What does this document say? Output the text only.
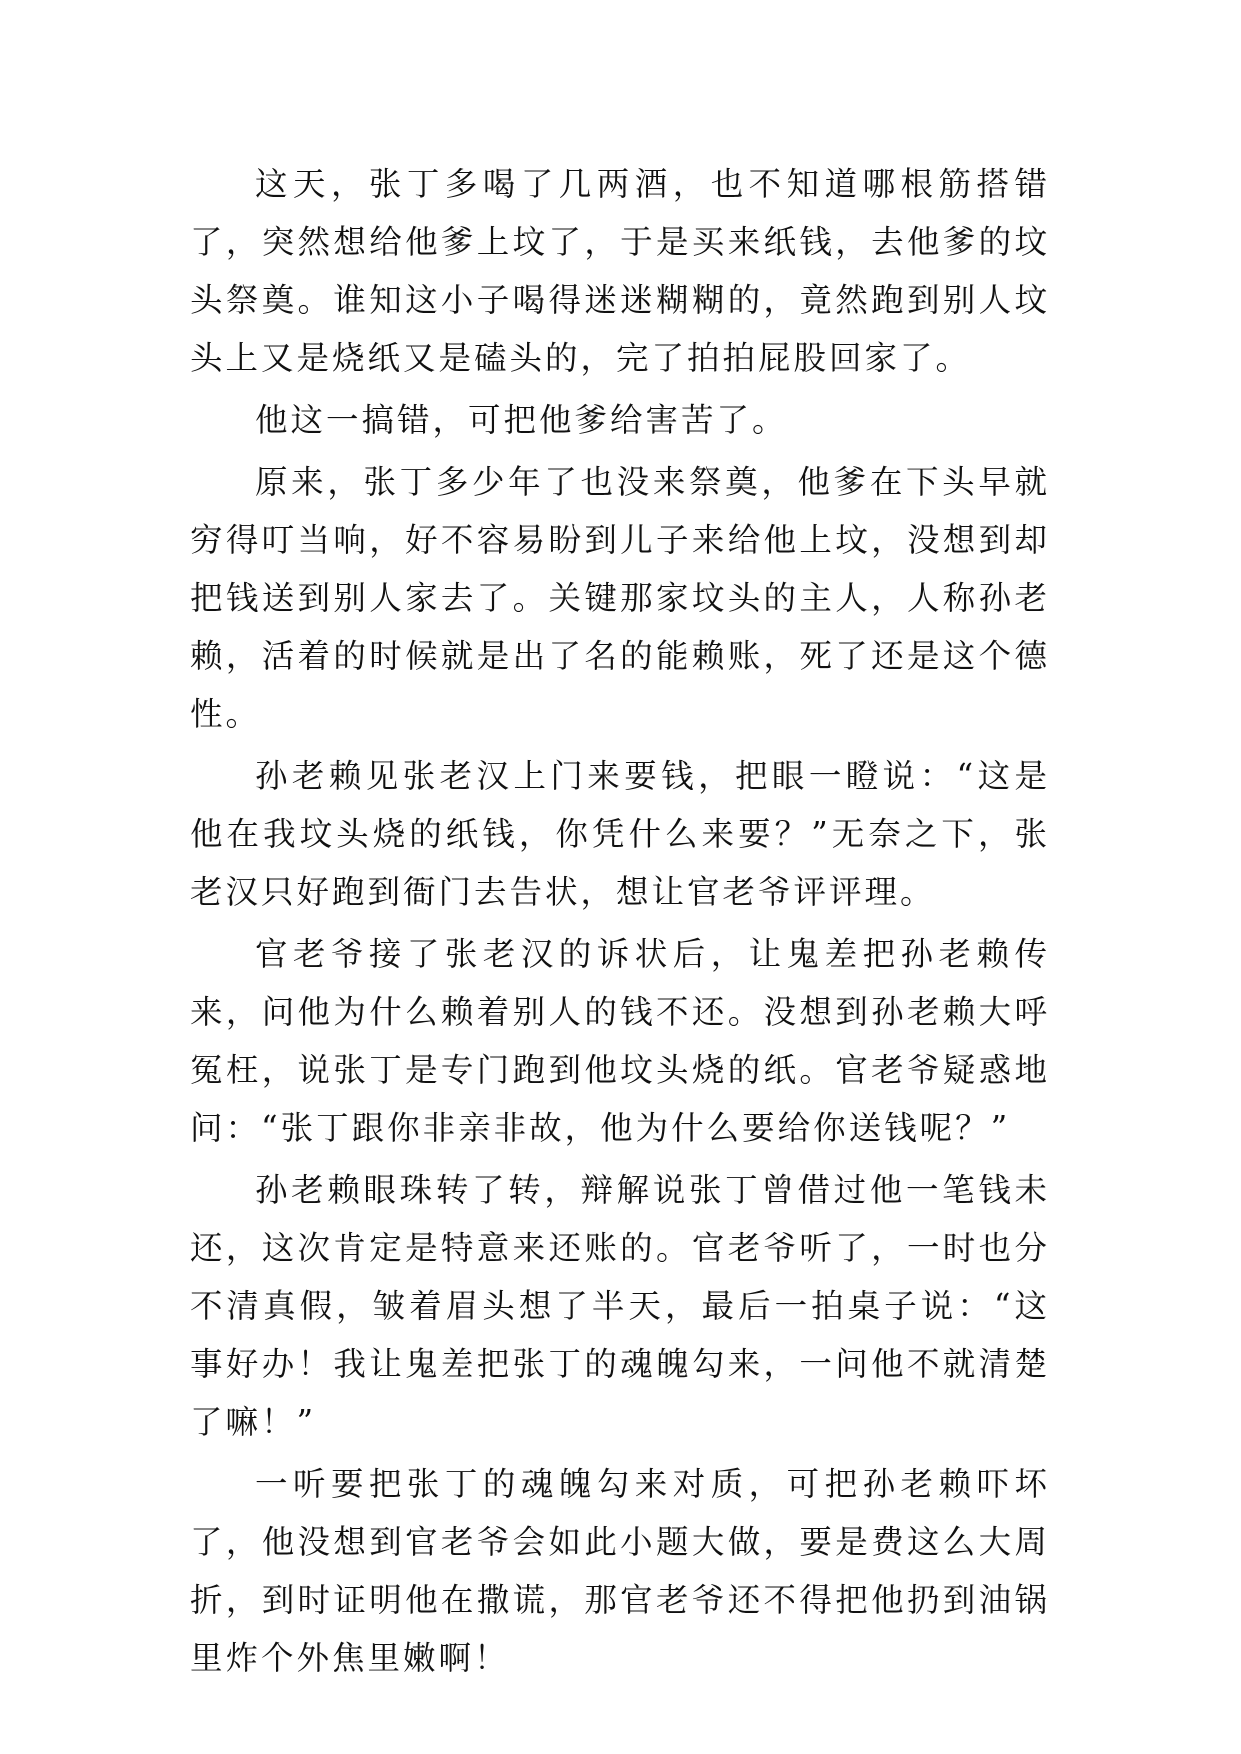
这天，张丁多喝了几两酒，也不知道哪根筋搭错了，突然想给他爹上坟了，于是买来纸钱，去他爹的坟头祭奠。谁知这小子喝得迷迷糊糊的，竟然跑到别人坟头上又是烧纸又是磕头的，完了拍拍屁股回家了。

他这一搞错，可把他爹给害苦了。

原来，张丁多少年了也没来祭奠，他爹在下头早就穷得叮当响，好不容易盼到儿子来给他上坟，没想到却把钱送到别人家去了。关键那家坟头的主人，人称孙老赖，活着的时候就是出了名的能赖账，死了还是这个德性。

孙老赖见张老汉上门来要钱，把眼一瞪说：“这是他在我坟头烧的纸钱，你凭什么来要？”无奈之下，张老汉只好跑到衙门去告状，想让官老爷评评理。

官老爷接了张老汉的诉状后，让鬼差把孙老赖传来，问他为什么赖着别人的钱不还。没想到孙老赖大呼冤枉，说张丁是专门跑到他坟头烧的纸。官老爷疑惑地问：“张丁跟你非亲非故，他为什么要给你送钱呢？”

孙老赖眼珠转了转，辩解说张丁曾借过他一笔钱未还，这次肯定是特意来还账的。官老爷听了，一时也分不清真假，皱着眉头想了半天，最后一拍桌子说：“这事好办！我让鬼差把张丁的魂魄勾来，一问他不就清楚了嘛！”

一听要把张丁的魂魄勾来对质，可把孙老赖吓坏了，他没想到官老爷会如此小题大做，要是费这么大周折，到时证明他在撒谎，那官老爷还不得把他扔到油锅里炸个外焦里嫩啊！
